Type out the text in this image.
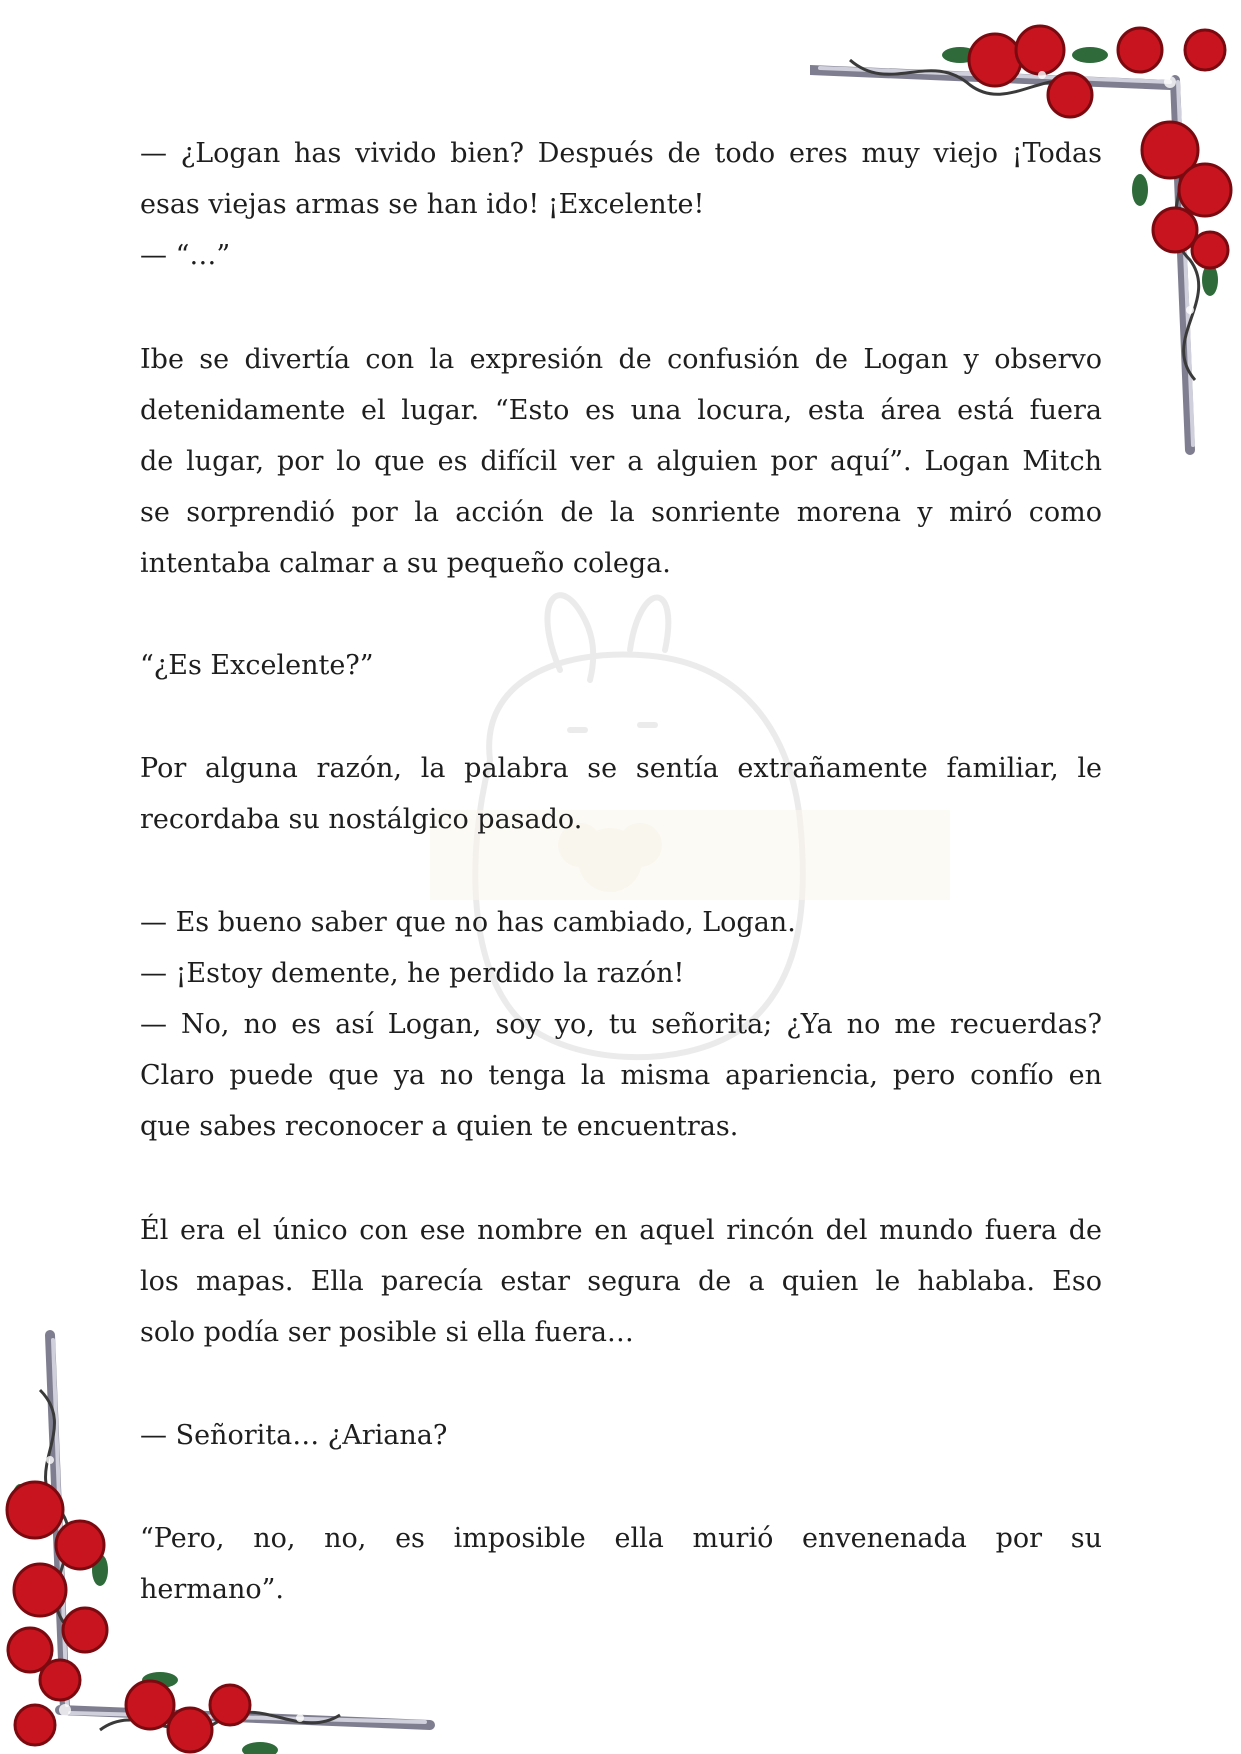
— ¿Logan has vivido bien? Después de todo eres muy viejo ¡Todas

esas viejas armas se han ido! ¡Excelente!

— “…”

Ibe se divertía con la expresión de confusión de Logan y observo

detenidamente el lugar. “Esto es una locura, esta área está fuera

de lugar, por lo que es difícil ver a alguien por aquí”. Logan Mitch

se sorprendió por la acción de la sonriente morena y miró como

intentaba calmar a su pequeño colega.

“¿Es Excelente?”

Por alguna razón, la palabra se sentía extrañamente familiar, le

recordaba su nostálgico pasado.

— Es bueno saber que no has cambiado, Logan.

— ¡Estoy demente, he perdido la razón!

— No, no es así Logan, soy yo, tu señorita; ¿Ya no me recuerdas?

Claro puede que ya no tenga la misma apariencia, pero confío en

que sabes reconocer a quien te encuentras.

Él era el único con ese nombre en aquel rincón del mundo fuera de

los mapas. Ella parecía estar segura de a quien le hablaba. Eso

solo podía ser posible si ella fuera…

— Señorita… ¿Ariana?

“Pero, no, no, es imposible ella murió envenenada por su

hermano”.
